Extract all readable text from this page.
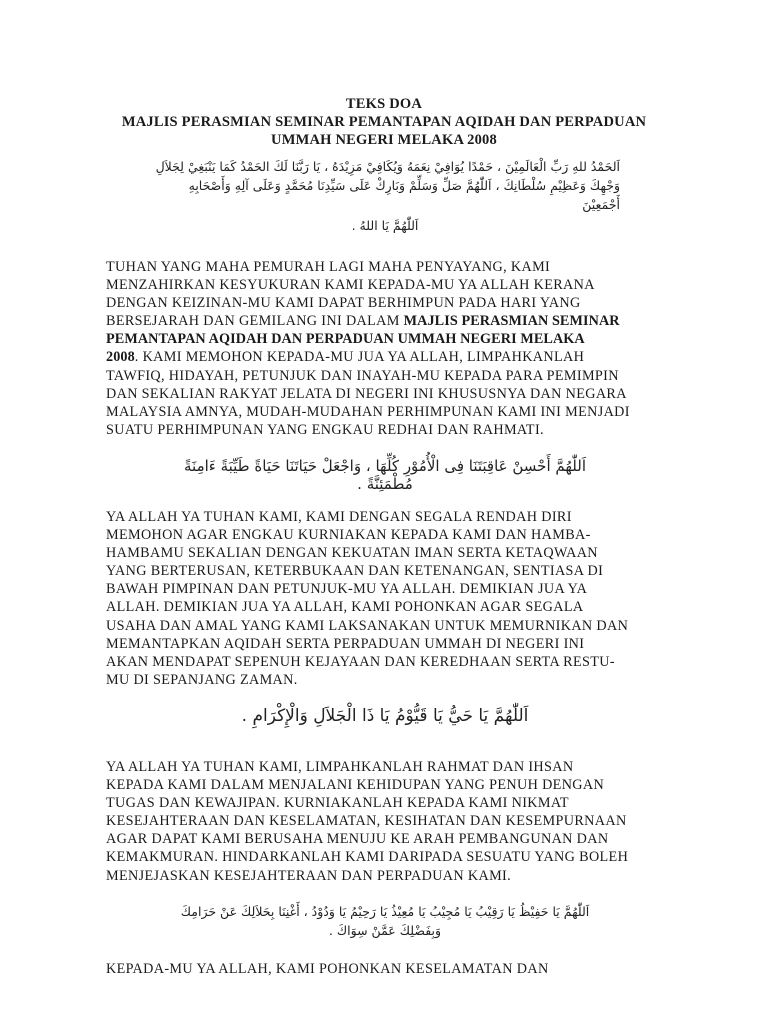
TEKS DOA
MAJLIS PERASMIAN SEMINAR PEMANTAPAN AQIDAH DAN PERPADUAN
UMMAH NEGERI MELAKA 2008
اَلحَمْدُ للهِ رَبِّ الْعَالَمِيْنَ ، حَمْدًا يُوَافِيْ نِعَمَهُ وَيُكَافِيْ مَزِيْدَهُ ، يَا رَبَّنَا لَكَ الحَمْدُ كَمَا يَنْبَغِيْ لِجَلاَلِ وَجْهِكَ وَعَظِيْمِ سُلْطَانِكَ ، اَللّٰهُمَّ صَلِّ وَسَلِّمْ وَبَارِكْ عَلَى سَيِّدِنَا مُحَمَّدٍ وَعَلَى آلِهِ وَأَصْحَابِهِ أَجْمَعِيْنَ
اَللّٰهُمَّ يَا اللهُ .
TUHAN YANG MAHA PEMURAH LAGI MAHA PENYAYANG, KAMI
MENZAHIRKAN KESYUKURAN KAMI KEPADA-MU YA ALLAH KERANA
DENGAN KEIZINAN-MU KAMI DAPAT BERHIMPUN PADA HARI YANG
BERSEJARAH DAN GEMILANG INI DALAM MAJLIS PERASMIAN SEMINAR
PEMANTAPAN AQIDAH DAN PERPADUAN UMMAH NEGERI MELAKA
2008. KAMI MEMOHON KEPADA-MU JUA YA ALLAH, LIMPAHKANLAH
TAWFIQ, HIDAYAH, PETUNJUK DAN INAYAH-MU KEPADA PARA PEMIMPIN
DAN SEKALIAN RAKYAT JELATA DI NEGERI INI KHUSUSNYA DAN NEGARA
MALAYSIA AMNYA, MUDAH-MUDAHAN PERHIMPUNAN KAMI INI MENJADI
SUATU PERHIMPUNAN YANG ENGKAU REDHAI DAN RAHMATI.
اَللّٰهُمَّ أَحْسِنْ عَاقِبَتَنَا فِى الْأُمُوْرِ كُلِّهَا ، وَاجْعَلْ حَيَاتَنَا حَيَاةً طَيِّبَةً ءَامِنَةً مُطْمَئِنَّةً .
YA ALLAH YA TUHAN KAMI, KAMI DENGAN SEGALA RENDAH DIRI
MEMOHON AGAR ENGKAU KURNIAKAN KEPADA KAMI DAN HAMBA-
HAMBAMU SEKALIAN DENGAN KEKUATAN IMAN SERTA KETAQWAAN
YANG BERTERUSAN, KETERBUKAAN DAN KETENANGAN, SENTIASA DI
BAWAH PIMPINAN DAN PETUNJUK-MU YA ALLAH. DEMIKIAN JUA YA
ALLAH. DEMIKIAN JUA YA ALLAH, KAMI POHONKAN AGAR SEGALA
USAHA DAN AMAL YANG KAMI LAKSANAKAN UNTUK MEMURNIKAN DAN
MEMANTAPKAN AQIDAH SERTA PERPADUAN UMMAH DI NEGERI INI
AKAN MENDAPAT SEPENUH KEJAYAAN DAN KEREDHAAN SERTA RESTU-
MU DI SEPANJANG ZAMAN.
اَللّٰهُمَّ يَا حَيُّ يَا قَيُّوْمُ يَا ذَا الْجَلاَلِ وَالْإِكْرَامِ .
YA ALLAH YA TUHAN KAMI, LIMPAHKANLAH RAHMAT DAN IHSAN
KEPADA KAMI DALAM MENJALANI KEHIDUPAN YANG PENUH DENGAN
TUGAS DAN KEWAJIPAN. KURNIAKANLAH KEPADA KAMI NIKMAT
KESEJAHTERAAN DAN KESELAMATAN, KESIHATAN DAN KESEMPURNAAN
AGAR DAPAT KAMI BERUSAHA MENUJU KE ARAH PEMBANGUNAN DAN
KEMAKMURAN. HINDARKANLAH KAMI DARIPADA SESUATU YANG BOLEH
MENJEJASKAN KESEJAHTERAAN DAN PERPADUAN KAMI.
اَللّٰهُمَّ يَا حَفِيْظُ يَا رَقِيْبُ يَا مُجِيْبُ يَا مُعِيْذُ يَا رَحِيْمُ يَا وَدُوْدُ ، أَغْنِنَا بِحَلاَلِكَ عَنْ حَرَامِكَ وَبِفَضْلِكَ عَمَّنْ سِوَاكَ .
KEPADA-MU YA ALLAH, KAMI POHONKAN KESELAMATAN DAN
